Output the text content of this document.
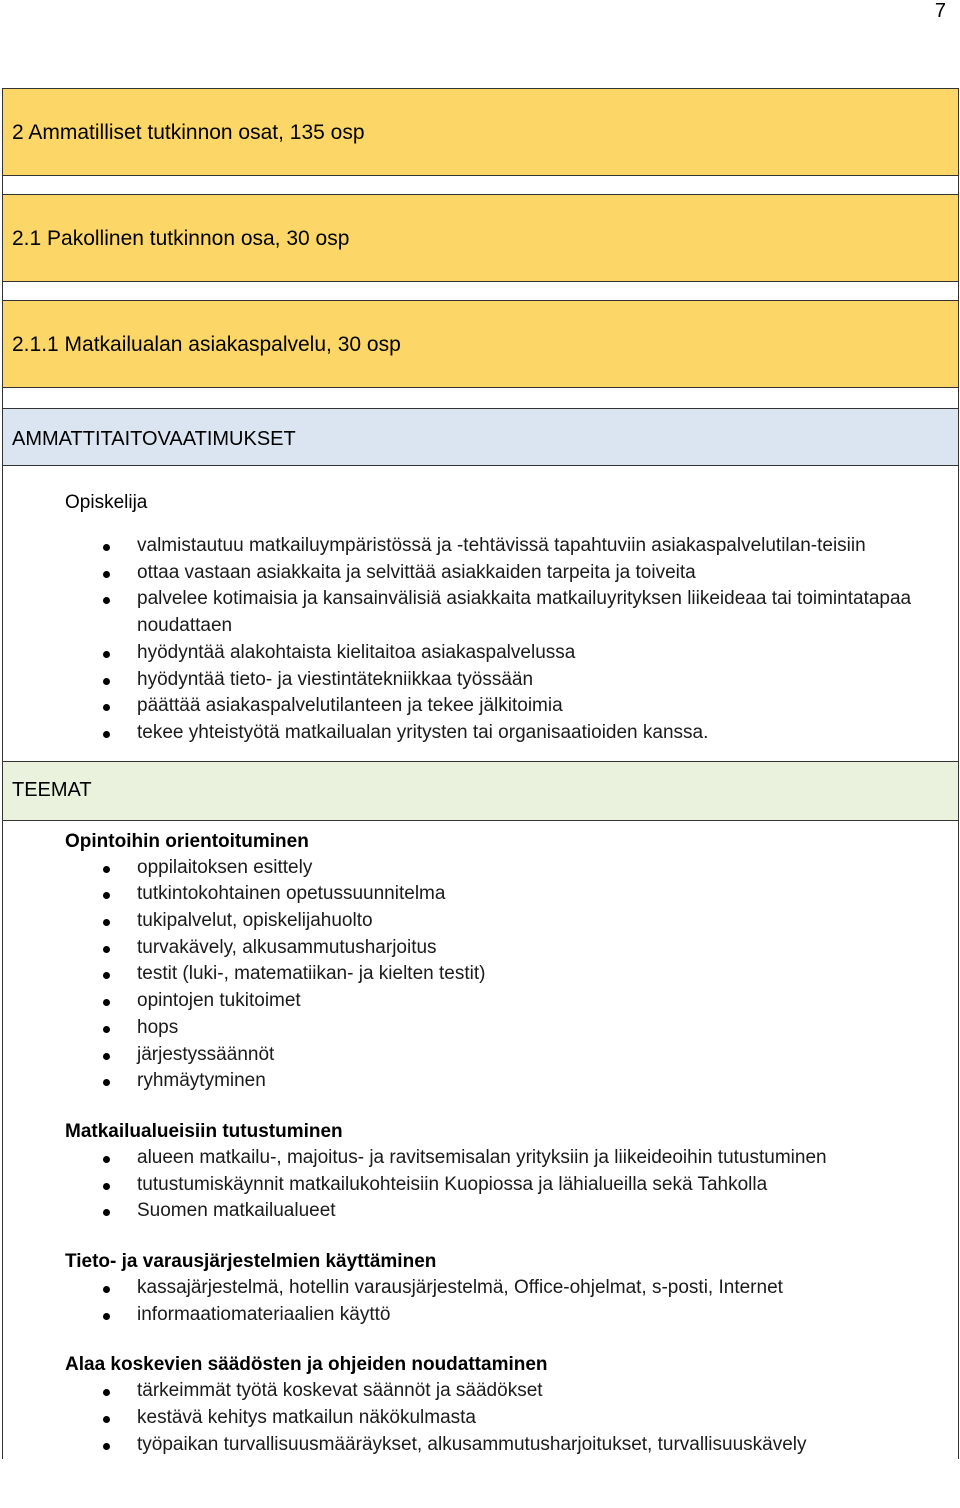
7
2 Ammatilliset tutkinnon osat, 135 osp
2.1 Pakollinen tutkinnon osa, 30 osp
2.1.1 Matkailualan asiakaspalvelu, 30 osp
AMMATTITAITOVAATIMUKSET
Opiskelija
valmistautuu matkailuympäristössä ja -tehtävissä tapahtuviin asiakaspalvelutilan-teisiin
ottaa vastaan asiakkaita ja selvittää asiakkaiden tarpeita ja toiveita
palvelee kotimaisia ja kansainvälisiä asiakkaita matkailuyrityksen liikeideaa tai toimintatapaa noudattaen
hyödyntää alakohtaista kielitaitoa asiakaspalvelussa
hyödyntää tieto- ja viestintätekniikkaa työssään
päättää asiakaspalvelutilanteen ja tekee jälkitoimia
tekee yhteistyötä matkailualan yritysten tai organisaatioiden kanssa.
TEEMAT
Opintoihin orientoituminen
oppilaitoksen esittely
tutkintokohtainen opetussuunnitelma
tukipalvelut, opiskelijahuolto
turvakävely, alkusammutusharjoitus
testit (luki-, matematiikan- ja kielten testit)
opintojen tukitoimet
hops
järjestyssäännöt
ryhmäytyminen
Matkailualueisiin tutustuminen
alueen matkailu-, majoitus- ja ravitsemisalan yrityksiin ja liikeideoihin tutustuminen
tutustumiskäynnit matkailukohteisiin Kuopiossa ja lähialueilla sekä Tahkolla
Suomen matkailualueet
Tieto- ja varausjärjestelmien käyttäminen
kassajärjestelmä, hotellin varausjärjestelmä, Office-ohjelmat, s-posti, Internet
informaatiomateriaalien käyttö
Alaa koskevien säädösten ja ohjeiden noudattaminen
tärkeimmät työtä koskevat säännöt ja säädökset
kestävä kehitys matkailun näkökulmasta
työpaikan turvallisuusmääräykset, alkusammutusharjoitukset, turvallisuuskävely
